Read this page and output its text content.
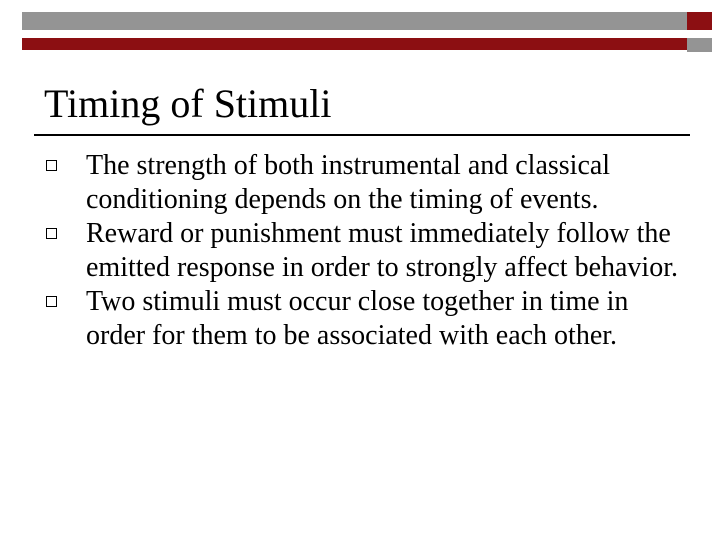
Timing of Stimuli
The strength of both instrumental and classical conditioning depends on the timing of events.
Reward or punishment must immediately follow the emitted response in order to strongly affect behavior.
Two stimuli must occur close together in time in order for them to be associated with each other.
